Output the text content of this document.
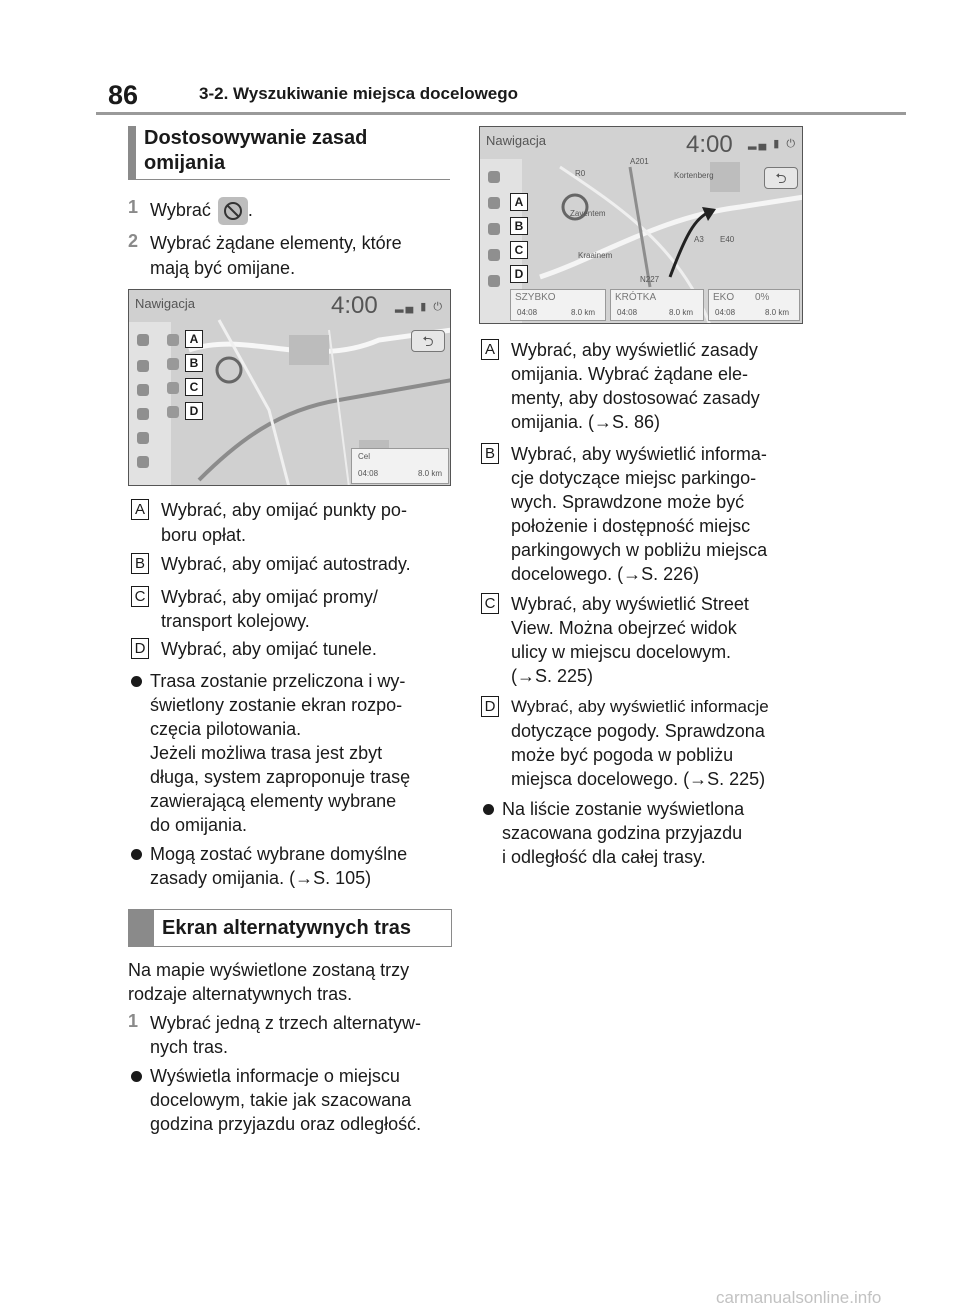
86	3-2. Wyszukiwanie miejsca docelowego
Dostosowywanie zasad omijania
1 Wybrać .
2 Wybrać żądane elementy, które
mają być omijane.
Nawigacja	4:00 ▂▄ ▮ ⏻
⮌
A
B
C
D
Cel
04:08	8.0 km
A Wybrać, aby omijać punkty po-
boru opłat.
B Wybrać, aby omijać autostrady.
C Wybrać, aby omijać promy/
transport kolejowy.
D Wybrać, aby omijać tunele.
Trasa zostanie przeliczona i wy-
świetlony zostanie ekran rozpo-
częcia pilotowania.
Jeżeli możliwa trasa jest zbyt
długa, system zaproponuje trasę
zawierającą elementy wybrane
do omijania.
Mogą zostać wybrane domyślne
zasady omijania. (→S. 105)
Ekran alternatywnych tras
Na mapie wyświetlone zostaną trzy
rodzaje alternatywnych tras.
1 Wybrać jedną z trzech alternatyw-
nych tras.
Wyświetla informacje o miejscu
docelowym, takie jak szacowana
godzina przyjazdu oraz odległość.
Nawigacja	4:00 ▂▄ ▮ ⏻
⮌
A
B
C
D
Zaventem
Kortenberg
Kraainem
A201
A3
R0
E40
N227
SZYBKO
04:08	8.0 km
KRÓTKA
04:08	8.0 km
EKO 0%
04:08	8.0 km
A Wybrać, aby wyświetlić zasady
omijania. Wybrać żądane ele-
menty, aby dostosować zasady
omijania. (→S. 86)
B Wybrać, aby wyświetlić informa-
cje dotyczące miejsc parkingo-
wych. Sprawdzone może być
położenie i dostępność miejsc
parkingowych w pobliżu miejsca
docelowego. (→S. 226)
C Wybrać, aby wyświetlić Street
View. Można obejrzeć widok
ulicy w miejscu docelowym.
(→S. 225)
D Wybrać, aby wyświetlić informacje
dotyczące pogody. Sprawdzona
może być pogoda w pobliżu
miejsca docelowego. (→S. 225)
Na liście zostanie wyświetlona
szacowana godzina przyjazdu
i odległość dla całej trasy.
carmanualsonline.info
